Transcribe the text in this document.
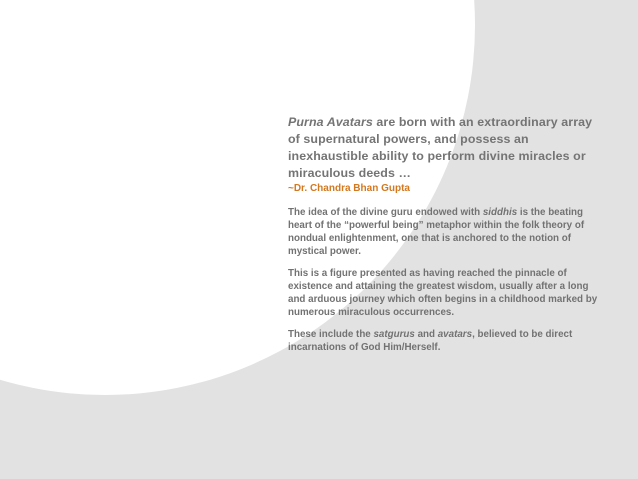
Purna Avatars are born with an extraordinary array of supernatural powers, and possess an inexhaustible ability to perform divine miracles or miraculous deeds …

~Dr. Chandra Bhan Gupta

The idea of the divine guru endowed with siddhis is the beating heart of the “powerful being” metaphor within the folk theory of nondual enlightenment, one that is anchored to the notion of mystical power.

This is a figure presented as having reached the pinnacle of existence and attaining the greatest wisdom, usually after a long and arduous journey which often begins in a childhood marked by numerous miraculous occurrences.

These include the satgurus and avatars, believed to be direct incarnations of God Him/Herself.
